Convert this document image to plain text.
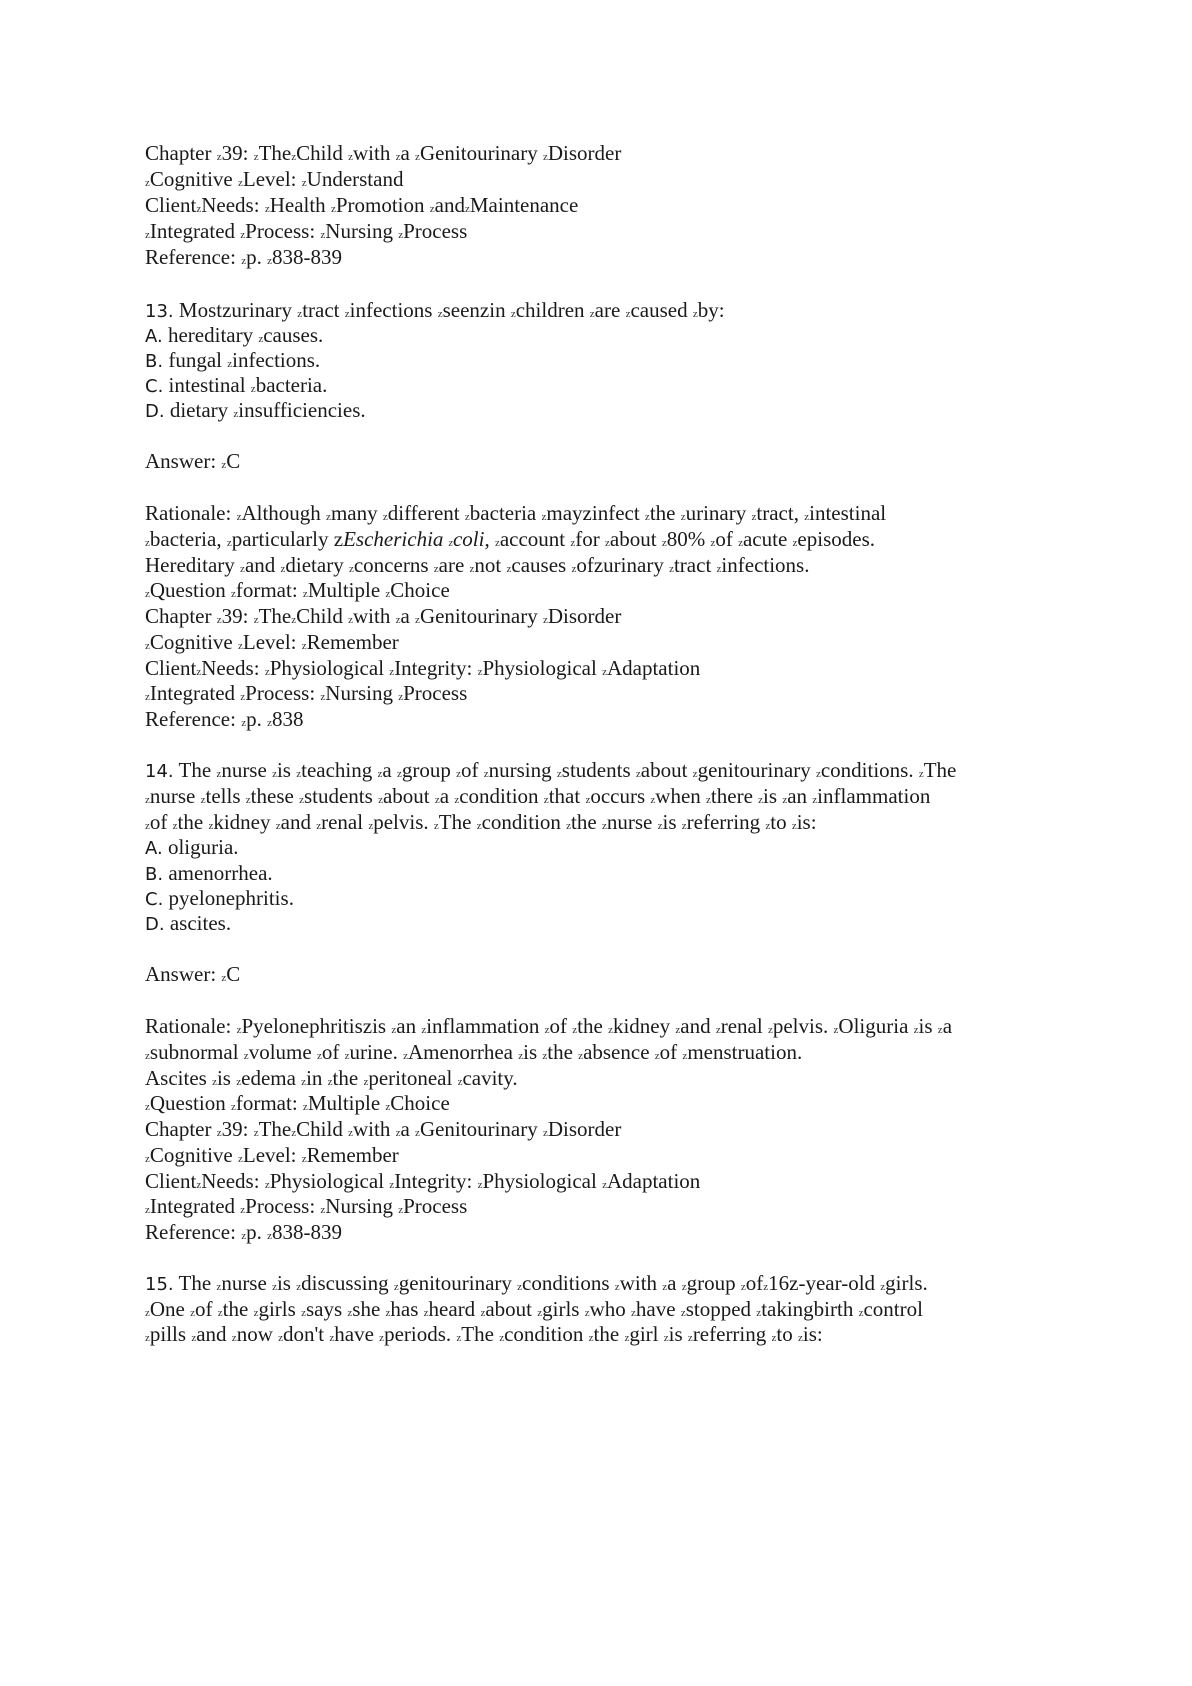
Chapter z39: zThezChild zwith za zGenitourinary zDisorder
zCognitive zLevel: zUnderstand
ClientzNeeds: zHealth zPromotion zandzMaintenance
zIntegrated zProcess: zNursing zProcess
Reference: zp. z838-839
13. Mostzurinary ztract zinfections zseenzin zchildren zare zcaused zby:
A. hereditary zcauses.
B. fungal zinfections.
C. intestinal zbacteria.
D. dietary zinsufficiencies.
Answer: zC
Rationale: zAlthough zmany zdifferent zbacteria zmayzinfect zthe zurinary ztract, zintestinal
zbacteria, zparticularly zEscherichia zcoli, zaccount zfor zabout z80% zof zacute zepisodes.
Hereditary zand zdietary zconcerns zare znot zcauses zofzurinary ztract zinfections.
zQuestion zformat: zMultiple zChoice
Chapter z39: zThezChild zwith za zGenitourinary zDisorder
zCognitive zLevel: zRemember
ClientzNeeds: zPhysiological zIntegrity: zPhysiological zAdaptation
zIntegrated zProcess: zNursing zProcess
Reference: zp. z838
14. The znurse zis zteaching za zgroup zof znursing zstudents zabout zgenitourinary zconditions. zThe
znurse ztells zthese zstudents zabout za zcondition zthat zoccurs zwhen zthere zis zan zinflammation
zof zthe zkidney zand zrenal zpelvis. zThe zcondition zthe znurse zis zreferring zto zis:
A. oliguria.
B. amenorrhea.
C. pyelonephritis.
D. ascites.
Answer: zC
Rationale: zPyelonephritiszis zan zinflammation zof zthe zkidney zand zrenal zpelvis. zOliguria zis za
zsubnormal zvolume zof zurine. zAmenorrhea zis zthe zabsence zof zmenstruation.
Ascites zis zedema zin zthe zperitoneal zcavity.
zQuestion zformat: zMultiple zChoice
Chapter z39: zThezChild zwith za zGenitourinary zDisorder
zCognitive zLevel: zRemember
ClientzNeeds: zPhysiological zIntegrity: zPhysiological zAdaptation
zIntegrated zProcess: zNursing zProcess
Reference: zp. z838-839
15. The znurse zis zdiscussing zgenitourinary zconditions zwith za zgroup zofz16z-year-old zgirls.
zOne zof zthe zgirls zsays zshe zhas zheard zabout zgirls zwho zhave zstopped ztakingbirth zcontrol
zpills zand znow zdon't zhave zperiods. zThe zcondition zthe zgirl zis zreferring zto zis:
